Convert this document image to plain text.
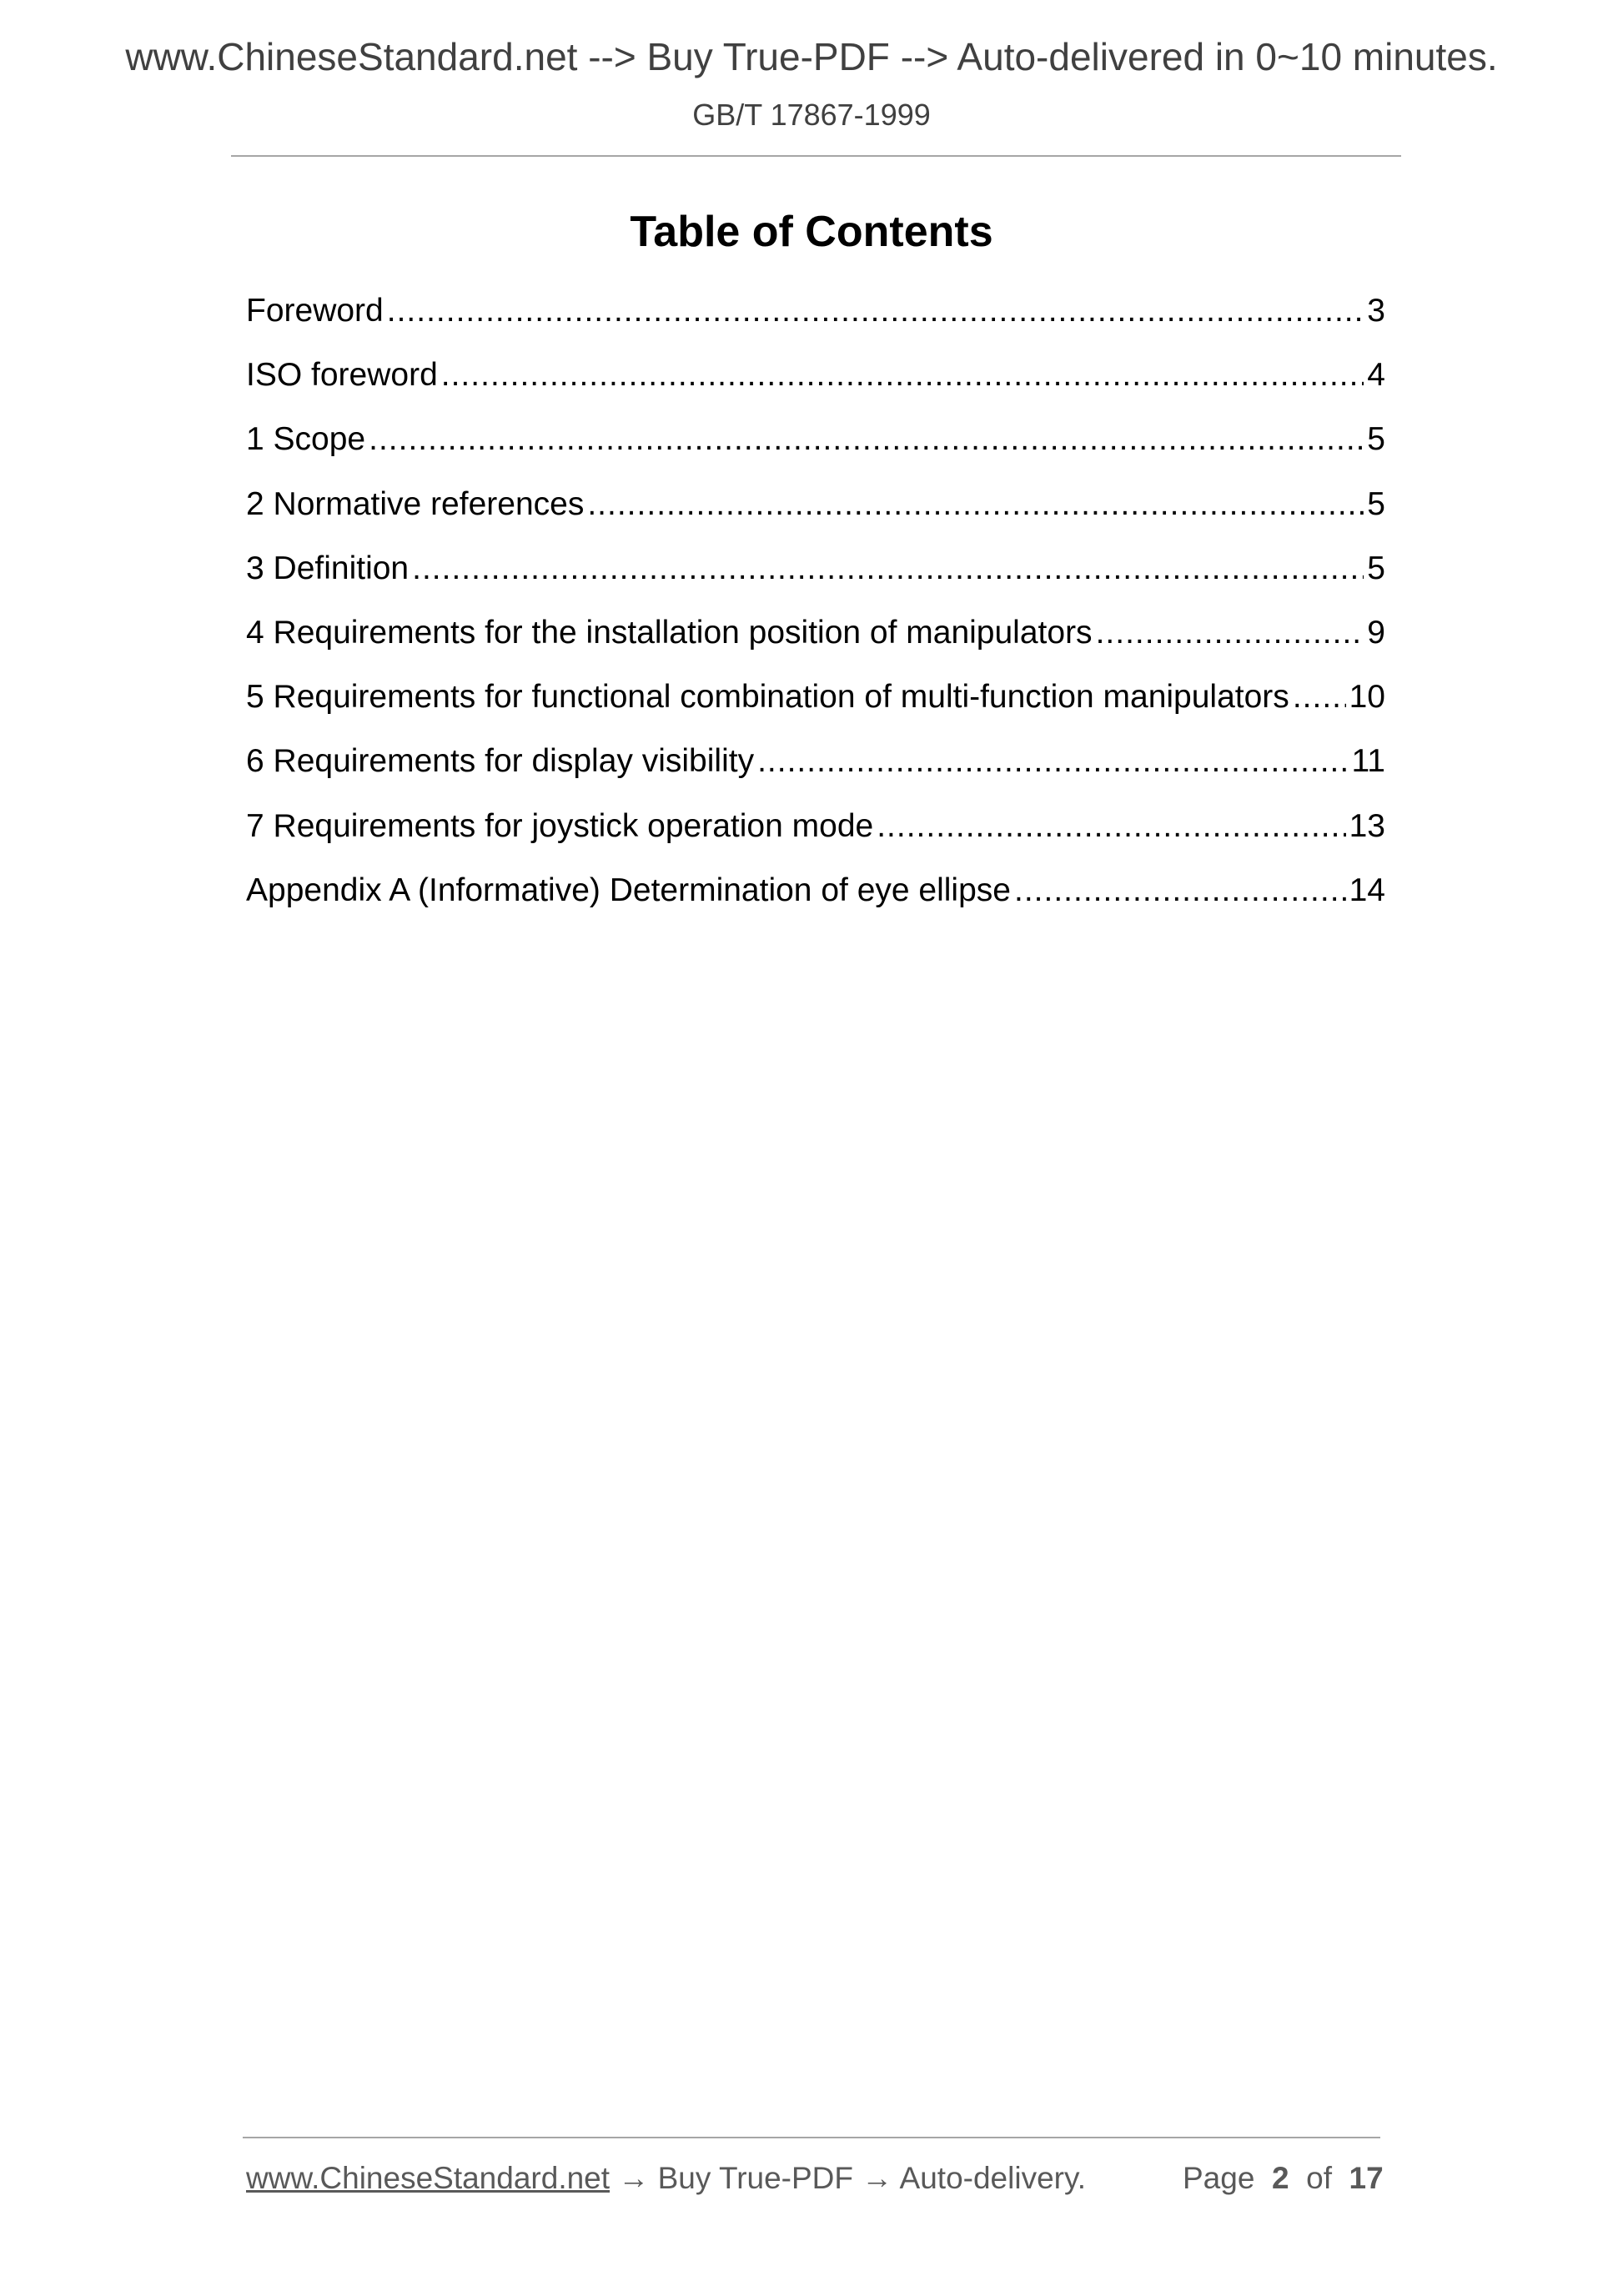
www.ChineseStandard.net --> Buy True-PDF --> Auto-delivered in 0~10 minutes.
GB/T 17867-1999
Table of Contents
Foreword .....	3
ISO foreword .....	4
1 Scope .....	5
2 Normative references .....	5
3 Definition .....	5
4 Requirements for the installation position of manipulators .....	9
5 Requirements for functional combination of multi-function manipulators ..... 10
6 Requirements for display visibility .....	11
7 Requirements for joystick operation mode .....	13
Appendix A (Informative) Determination of eye ellipse .....	14
www.ChineseStandard.net → Buy True-PDF → Auto-delivery.	Page 2 of 17
